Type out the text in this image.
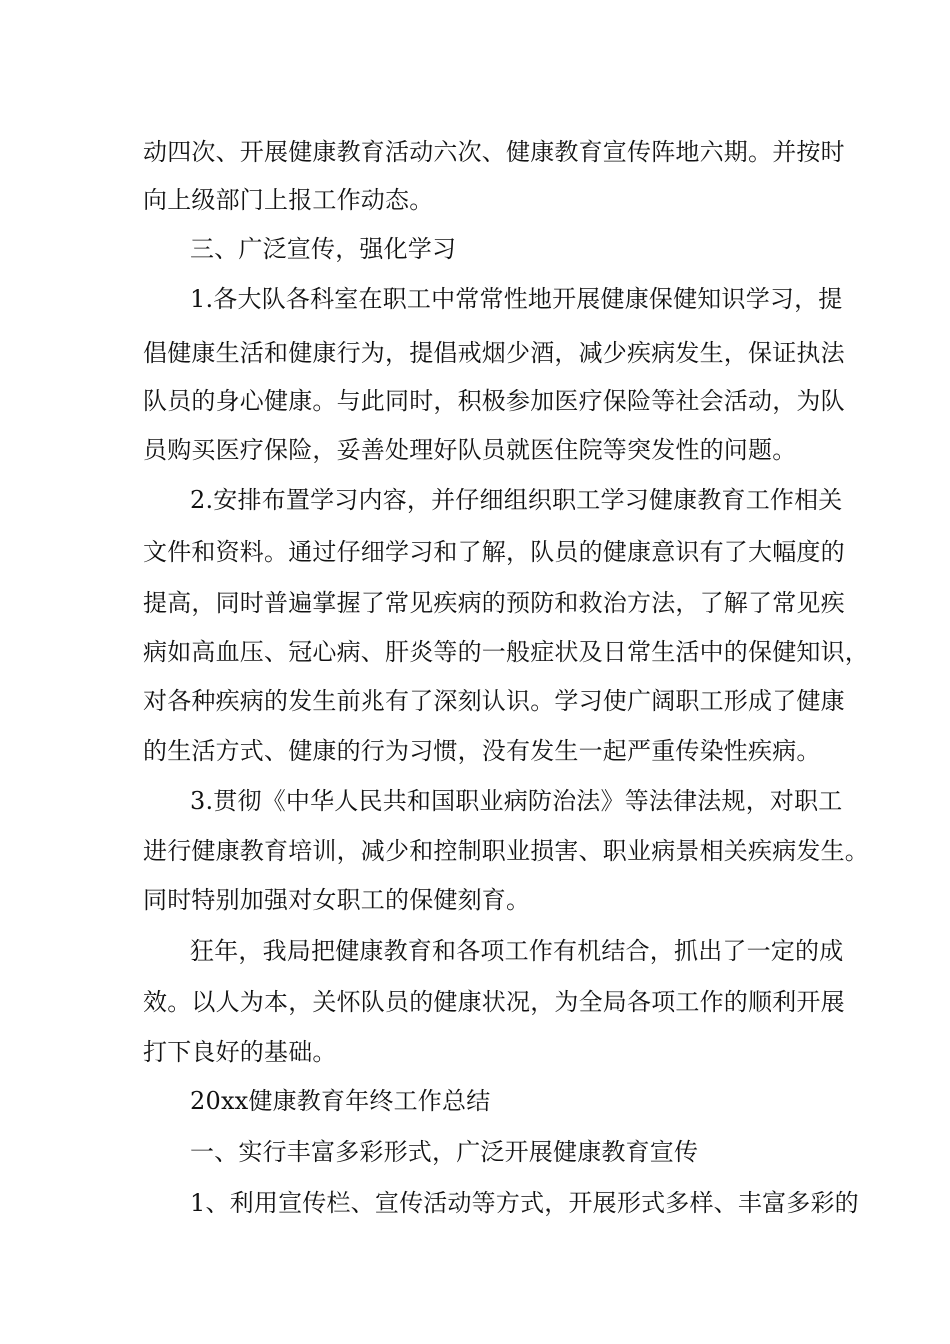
动四次、开展健康教育活动六次、健康教育宣传阵地六期。并按时
向上级部门上报工作动态。
三、广泛宣传，强化学习
1.各大队各科室在职工中常常性地开展健康保健知识学习，提
倡健康生活和健康行为，提倡戒烟少酒，减少疾病发生，保证执法
队员的身心健康。与此同时，积极参加医疗保险等社会活动，为队
员购买医疗保险，妥善处理好队员就医住院等突发性的问题。
2.安排布置学习内容，并仔细组织职工学习健康教育工作相关
文件和资料。通过仔细学习和了解，队员的健康意识有了大幅度的
提高，同时普遍掌握了常见疾病的预防和救治方法，了解了常见疾
病如高血压、冠心病、肝炎等的一般症状及日常生活中的保健知识，
对各种疾病的发生前兆有了深刻认识。学习使广阔职工形成了健康
的生活方式、健康的行为习惯，没有发生一起严重传染性疾病。
3.贯彻《中华人民共和国职业病防治法》等法律法规，对职工
进行健康教育培训，减少和控制职业损害、职业病景相关疾病发生。
同时特别加强对女职工的保健刻育。
狂年，我局把健康教育和各项工作有机结合，抓出了一定的成
效。以人为本，关怀队员的健康状况，为全局各项工作的顺利开展
打下良好的基础。
20xx健康教育年终工作总结
一、实行丰富多彩形式，广泛开展健康教育宣传
1、利用宣传栏、宣传活动等方式，开展形式多样、丰富多彩的
